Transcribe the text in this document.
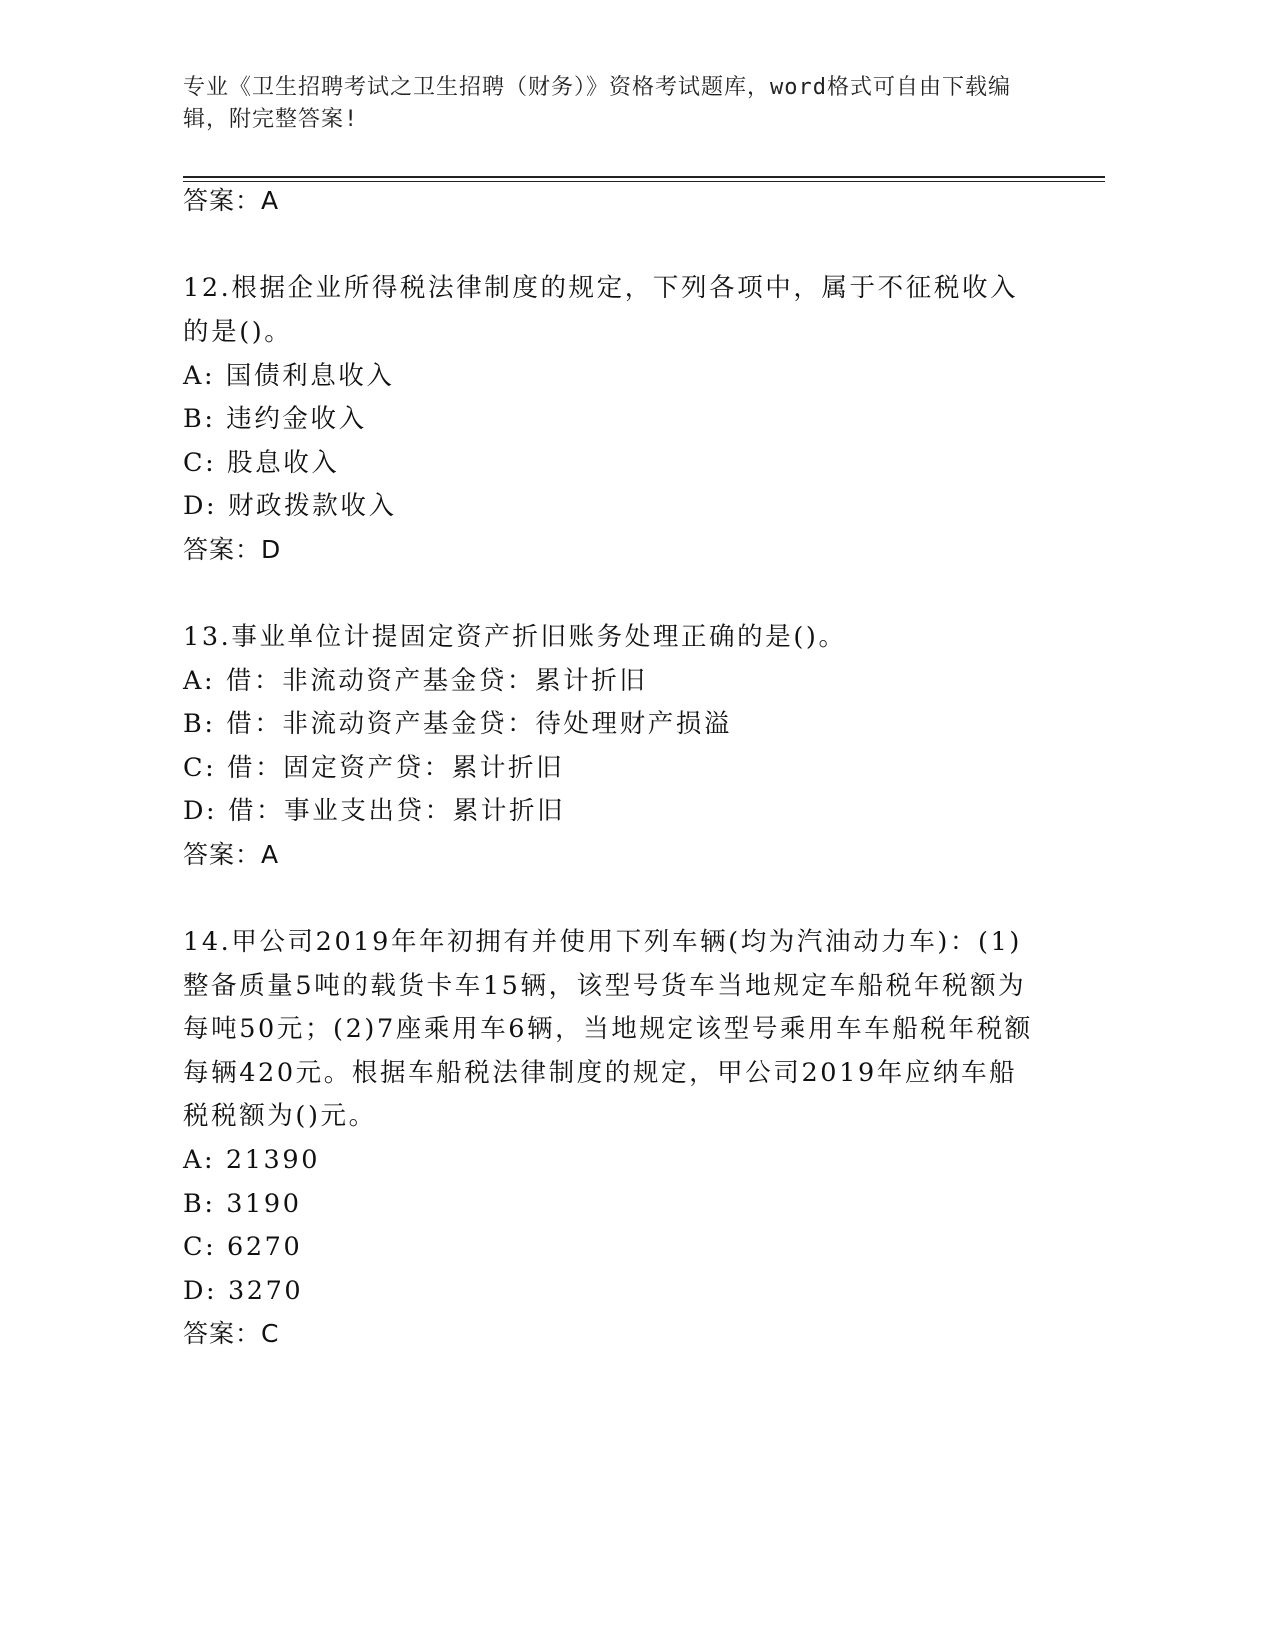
专业《卫生招聘考试之卫生招聘（财务）》资格考试题库，word格式可自由下载编辑，附完整答案!
答案：A
12.根据企业所得税法律制度的规定，下列各项中，属于不征税收入的是()。
A: 国债利息收入
B: 违约金收入
C: 股息收入
D: 财政拨款收入
答案：D
13.事业单位计提固定资产折旧账务处理正确的是()。
A: 借：非流动资产基金贷：累计折旧
B: 借：非流动资产基金贷：待处理财产损溢
C: 借：固定资产贷：累计折旧
D: 借：事业支出贷：累计折旧
答案：A
14.甲公司2019年年初拥有并使用下列车辆(均为汽油动力车)：(1)整备质量5吨的载货卡车15辆，该型号货车当地规定车船税年税额为每吨50元；(2)7座乘用车6辆，当地规定该型号乘用车车船税年税额每辆420元。根据车船税法律制度的规定，甲公司2019年应纳车船税税额为()元。
A: 21390
B: 3190
C: 6270
D: 3270
答案：C
